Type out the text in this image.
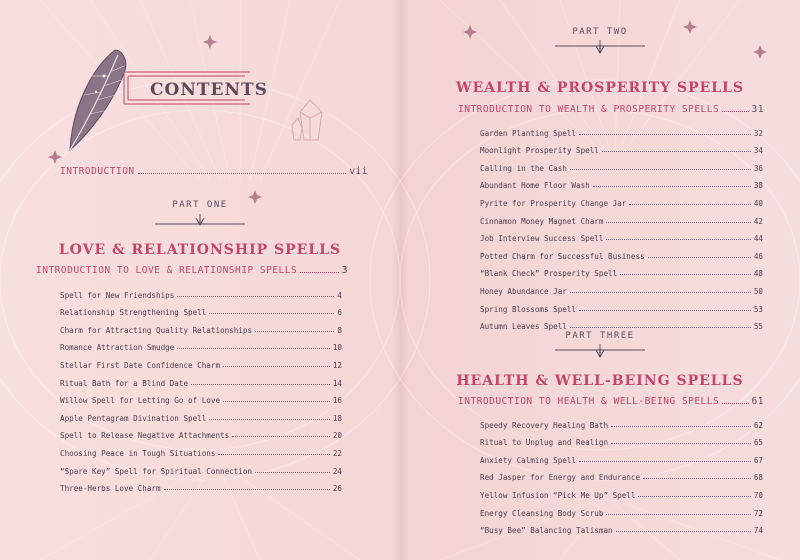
CONTENTS
INTRODUCTION	vii
PART ONE
LOVE & RELATIONSHIP SPELLS
INTRODUCTION TO LOVE & RELATIONSHIP SPELLS	3
Spell for New Friendships	4
Relationship Strengthening Spell	6
Charm for Attracting Quality Relationships	8
Romance Attraction Smudge	10
Stellar First Date Confidence Charm	12
Ritual Bath for a Blind Date	14
Willow Spell for Letting Go of Love	16
Apple Pentagram Divination Spell	18
Spell to Release Negative Attachments	20
Choosing Peace in Tough Situations	22
“Spare Key” Spell for Spiritual Connection	24
Three-Herbs Love Charm	26
PART TWO
WEALTH & PROSPERITY SPELLS
INTRODUCTION TO WEALTH & PROSPERITY SPELLS	31
Garden Planting Spell	32
Moonlight Prosperity Spell	34
Calling in the Cash	36
Abundant Home Floor Wash	38
Pyrite for Prosperity Change Jar	40
Cinnamon Money Magnet Charm	42
Job Interview Success Spell	44
Potted Charm for Successful Business	46
“Blank Check” Prosperity Spell	48
Honey Abundance Jar	50
Spring Blossoms Spell	53
Autumn Leaves Spell	55
PART THREE
HEALTH & WELL-BEING SPELLS
INTRODUCTION TO HEALTH & WELL-BEING SPELLS	61
Speedy Recovery Healing Bath	62
Ritual to Unplug and Realign	65
Anxiety Calming Spell	67
Red Jasper for Energy and Endurance	68
Yellow Infusion “Pick Me Up” Spell	70
Energy Cleansing Body Scrub	72
“Busy Bee” Balancing Talisman	74
